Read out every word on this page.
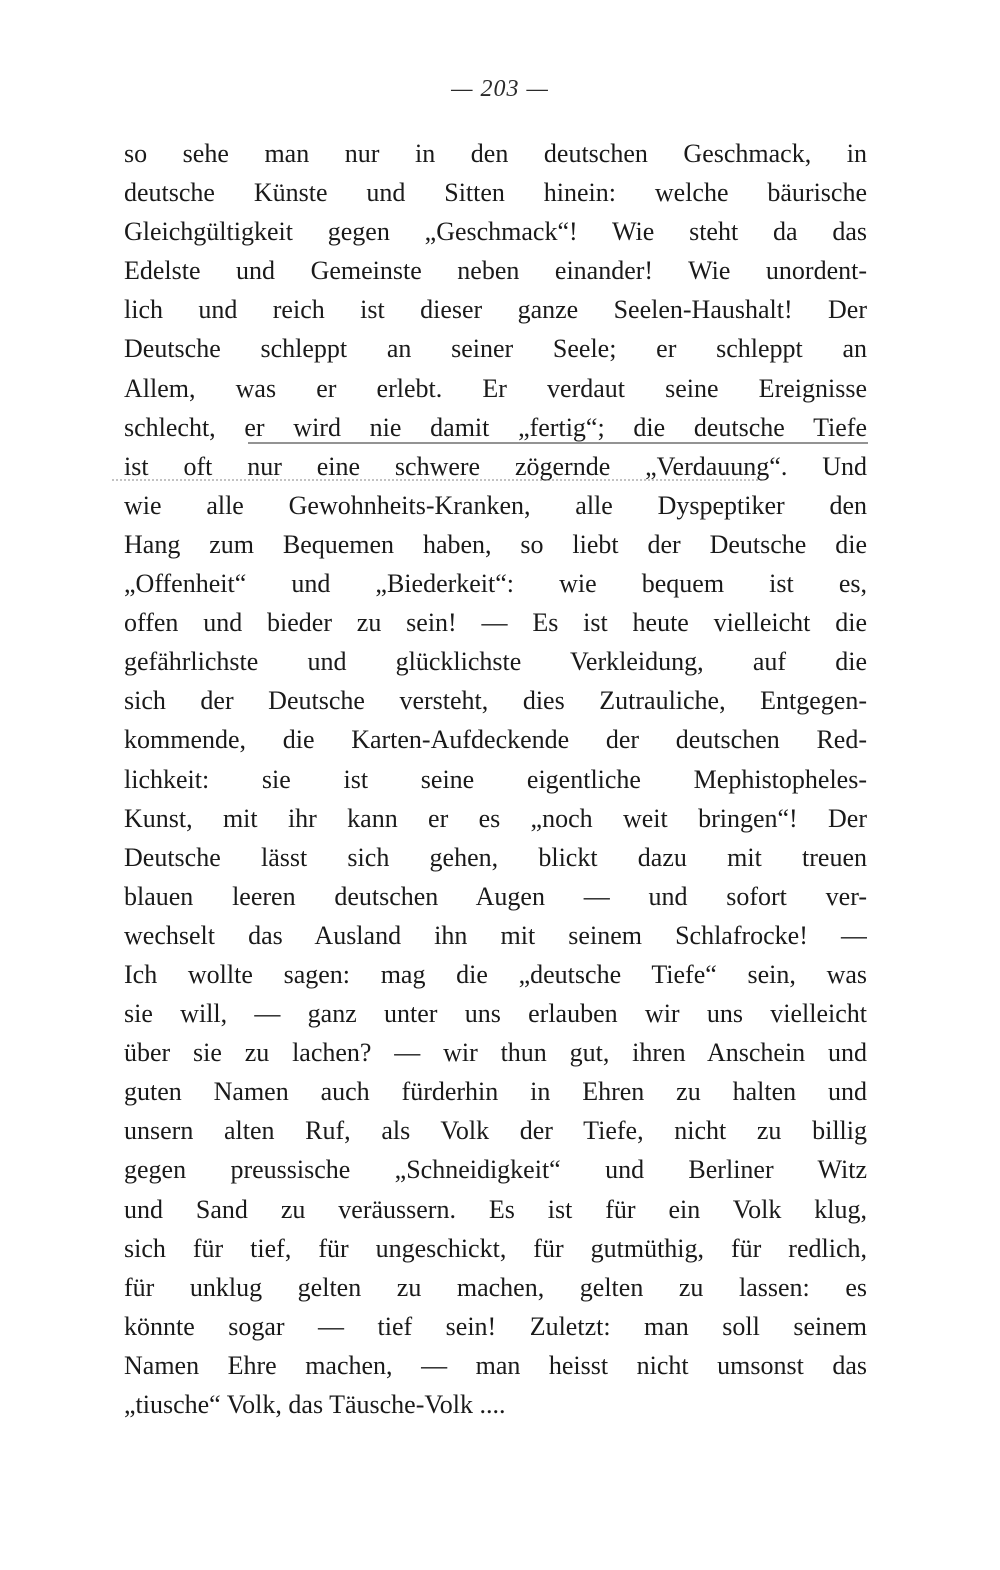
— 203 —
so sehe man nur in den deutschen Geschmack, in
deutsche Künste und Sitten hinein: welche bäurische
Gleichgültigkeit gegen „Geschmack“! Wie steht da das
Edelste und Gemeinste neben einander! Wie unordent-
lich und reich ist dieser ganze Seelen-Haushalt! Der
Deutsche schleppt an seiner Seele; er schleppt an
Allem, was er erlebt. Er verdaut seine Ereignisse
schlecht, er wird nie damit „fertig“; die deutsche Tiefe
ist oft nur eine schwere zögernde „Verdauung“. Und
wie alle Gewohnheits-Kranken, alle Dyspeptiker den
Hang zum Bequemen haben, so liebt der Deutsche die
„Offenheit“ und „Biederkeit“: wie bequem ist es,
offen und bieder zu sein! — Es ist heute vielleicht die
gefährlichste und glücklichste Verkleidung, auf die
sich der Deutsche versteht, dies Zutrauliche, Entgegen-
kommende, die Karten-Aufdeckende der deutschen Red-
lichkeit: sie ist seine eigentliche Mephistopheles-
Kunst, mit ihr kann er es „noch weit bringen“! Der
Deutsche lässt sich gehen, blickt dazu mit treuen
blauen leeren deutschen Augen — und sofort ver-
wechselt das Ausland ihn mit seinem Schlafrocke! —
Ich wollte sagen: mag die „deutsche Tiefe“ sein, was
sie will, — ganz unter uns erlauben wir uns vielleicht
über sie zu lachen? — wir thun gut, ihren Anschein und
guten Namen auch fürderhin in Ehren zu halten und
unsern alten Ruf, als Volk der Tiefe, nicht zu billig
gegen preussische „Schneidigkeit“ und Berliner Witz
und Sand zu veräussern. Es ist für ein Volk klug,
sich für tief, für ungeschickt, für gutmüthig, für redlich,
für unklug gelten zu machen, gelten zu lassen: es
könnte sogar — tief sein! Zuletzt: man soll seinem
Namen Ehre machen, — man heisst nicht umsonst das
„tiusche“ Volk, das Täusche-Volk ....
